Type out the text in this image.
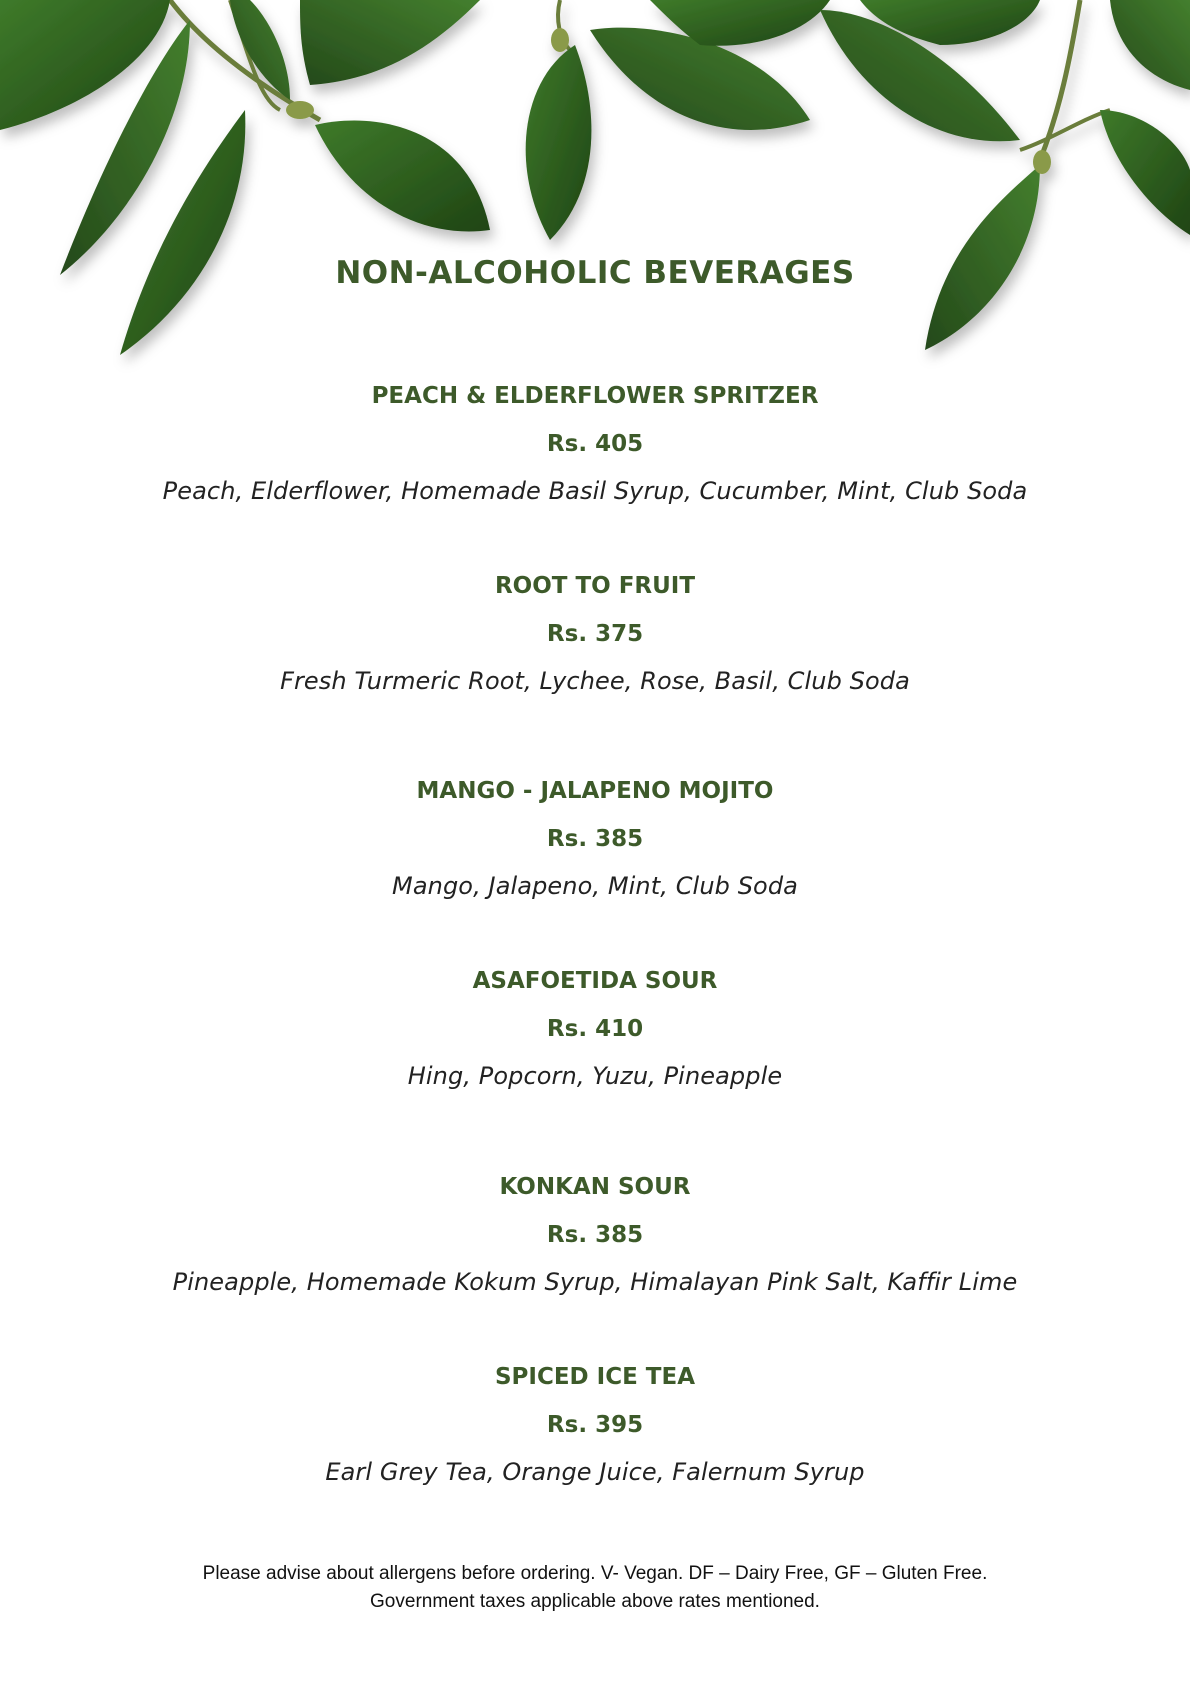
NON-ALCOHOLIC BEVERAGES
PEACH & ELDERFLOWER SPRITZER
Rs. 405
Peach, Elderflower, Homemade Basil Syrup, Cucumber, Mint, Club Soda
ROOT TO FRUIT
Rs. 375
Fresh Turmeric Root, Lychee, Rose, Basil, Club Soda
MANGO - JALAPENO MOJITO
Rs. 385
Mango, Jalapeno, Mint, Club Soda
ASAFOETIDA SOUR
Rs. 410
Hing, Popcorn, Yuzu, Pineapple
KONKAN SOUR
Rs. 385
Pineapple, Homemade Kokum Syrup, Himalayan Pink Salt, Kaffir Lime
SPICED ICE TEA
Rs. 395
Earl Grey Tea, Orange Juice, Falernum Syrup
Please advise about allergens before ordering. V- Vegan. DF – Dairy Free, GF – Gluten Free.
Government taxes applicable above rates mentioned.
